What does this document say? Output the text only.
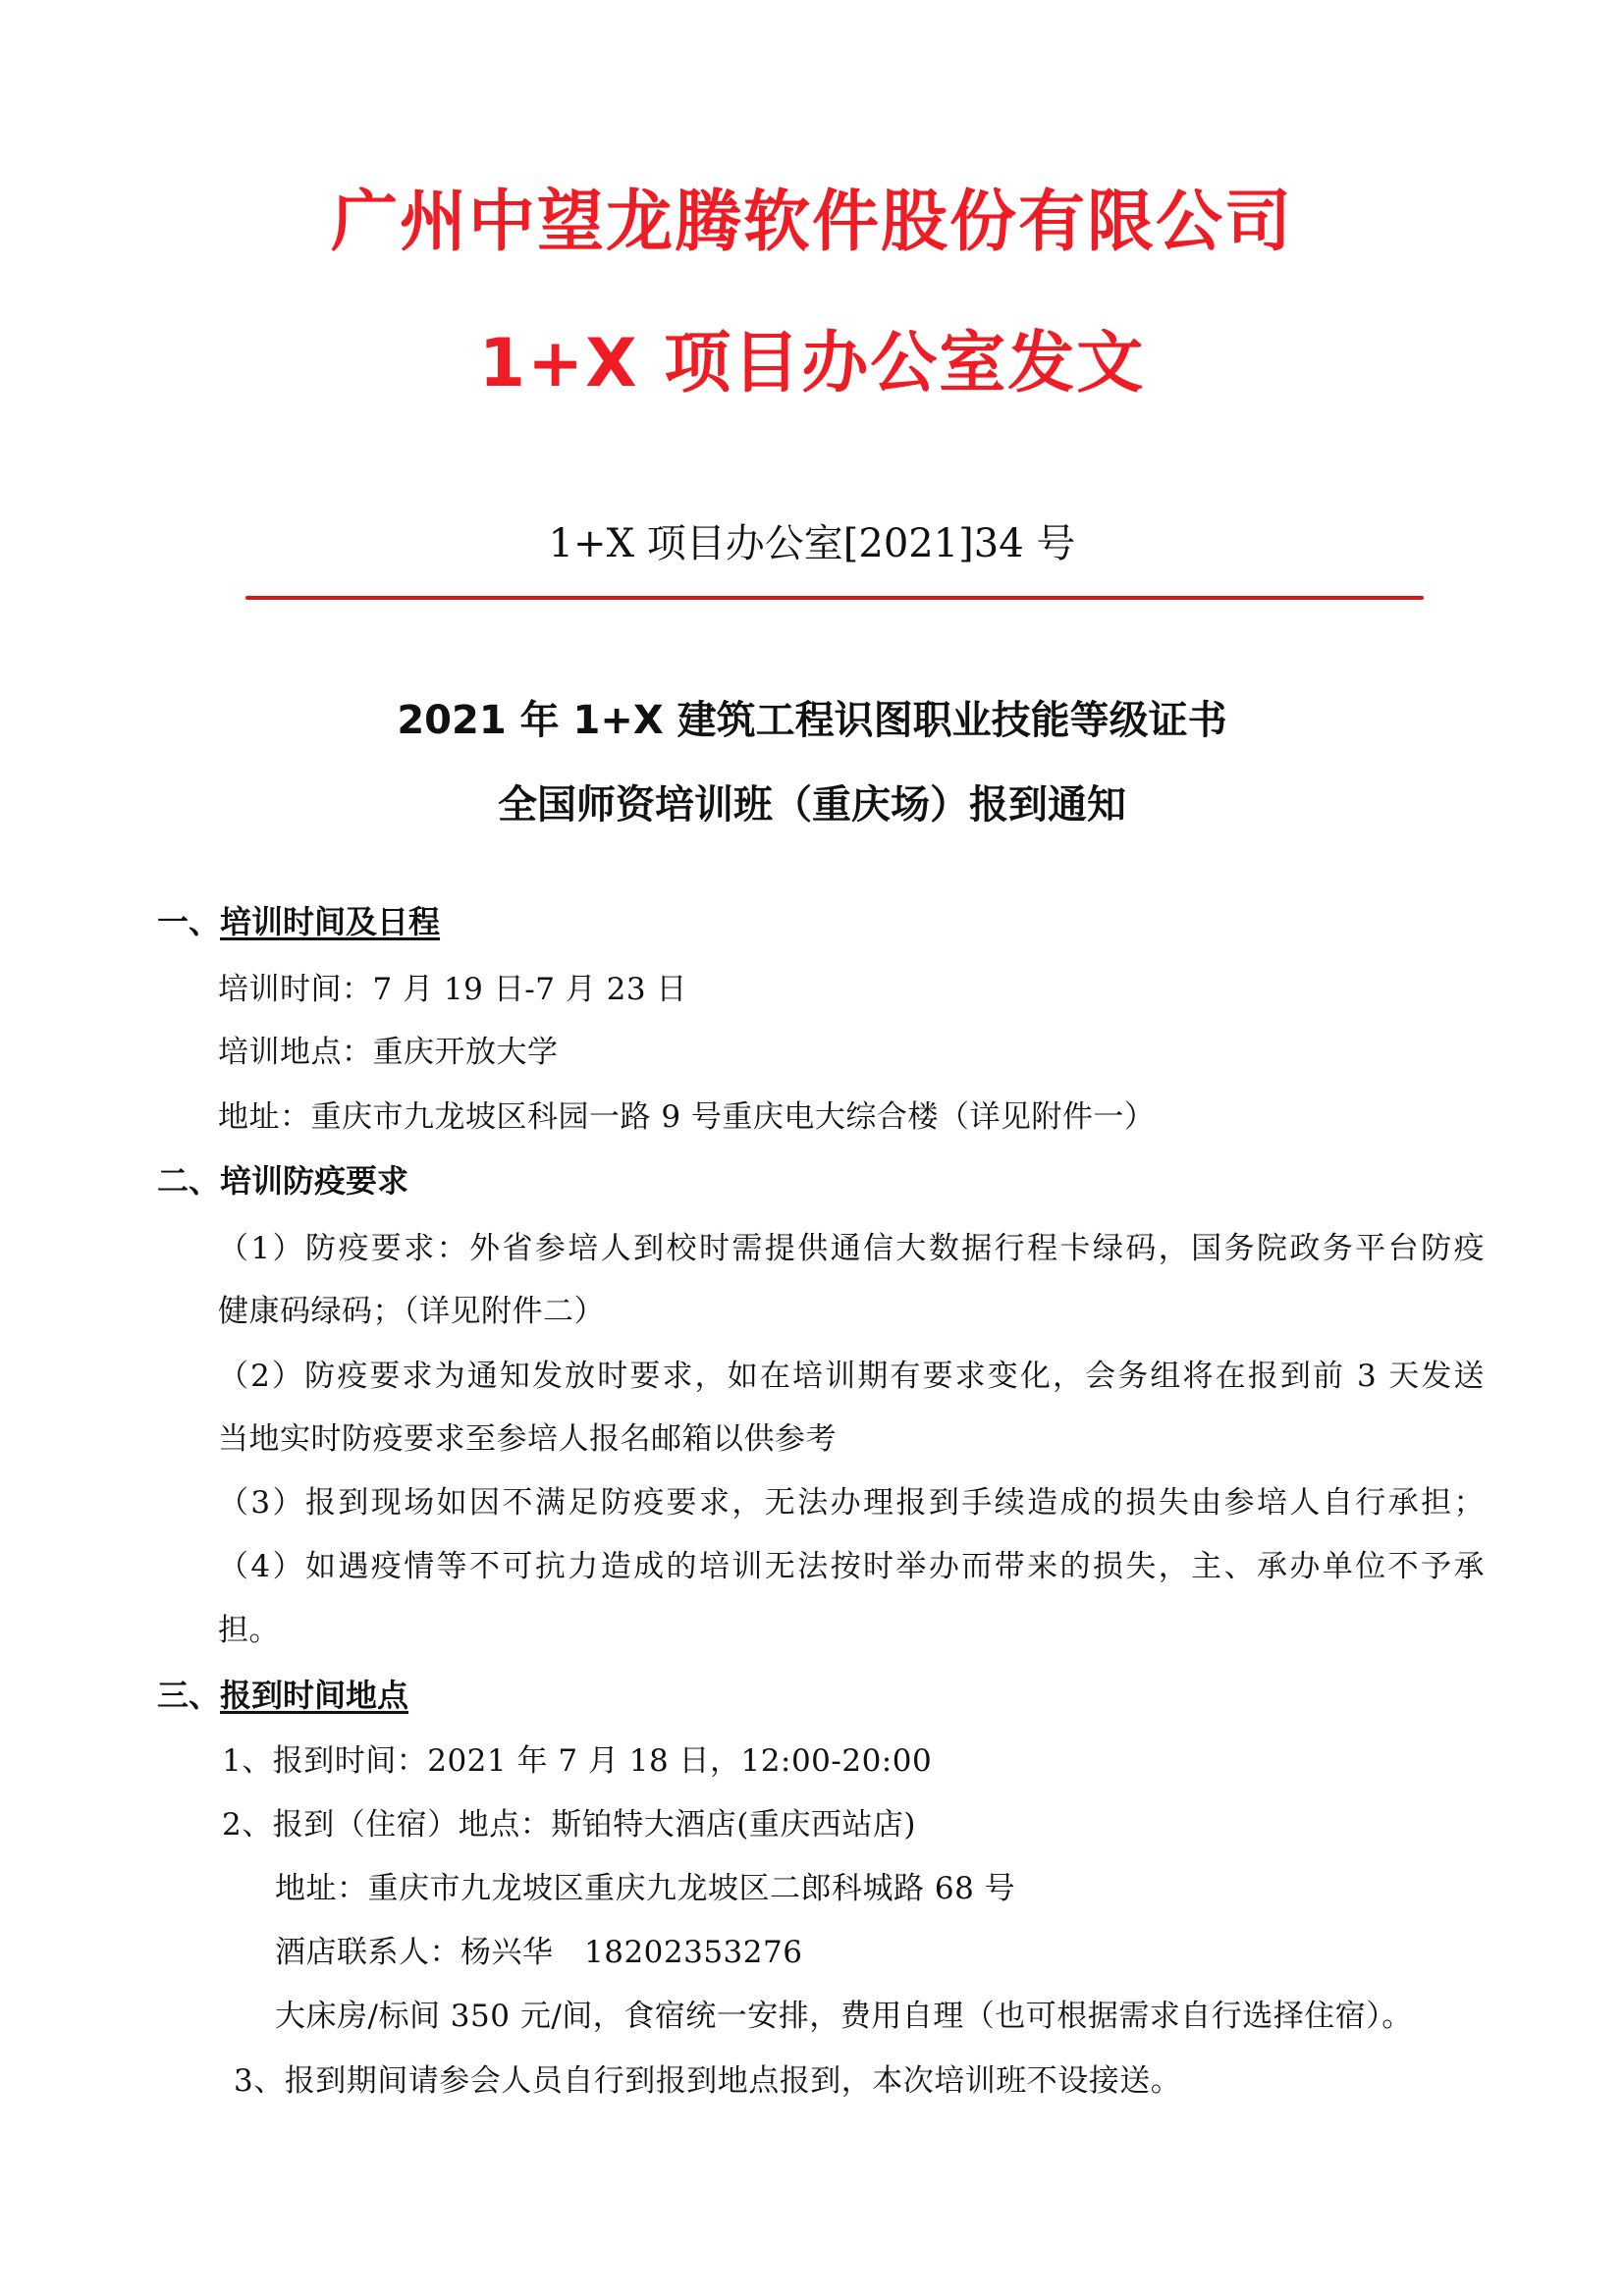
广州中望龙腾软件股份有限公司
1+X 项目办公室发文
1+X 项目办公室[2021]34 号
2021 年 1+X 建筑工程识图职业技能等级证书
全国师资培训班（重庆场）报到通知
一、培训时间及日程
培训时间：7 月 19 日-7 月 23 日
培训地点：重庆开放大学
地址：重庆市九龙坡区科园一路 9 号重庆电大综合楼（详见附件一）
二、培训防疫要求
（1）防疫要求：外省参培人到校时需提供通信大数据行程卡绿码，国务院政务平台防疫
健康码绿码；（详见附件二）
（2）防疫要求为通知发放时要求，如在培训期有要求变化，会务组将在报到前 3 天发送
当地实时防疫要求至参培人报名邮箱以供参考
（3）报到现场如因不满足防疫要求，无法办理报到手续造成的损失由参培人自行承担；
（4）如遇疫情等不可抗力造成的培训无法按时举办而带来的损失，主、承办单位不予承
担。
三、报到时间地点
1、报到时间：2021 年 7 月 18 日，12:00-20:00
2、报到（住宿）地点：斯铂特大酒店(重庆西站店)
地址：重庆市九龙坡区重庆九龙坡区二郎科城路 68 号
酒店联系人：杨兴华　18202353276
大床房/标间 350 元/间，食宿统一安排，费用自理（也可根据需求自行选择住宿）。
3、报到期间请参会人员自行到报到地点报到，本次培训班不设接送。
